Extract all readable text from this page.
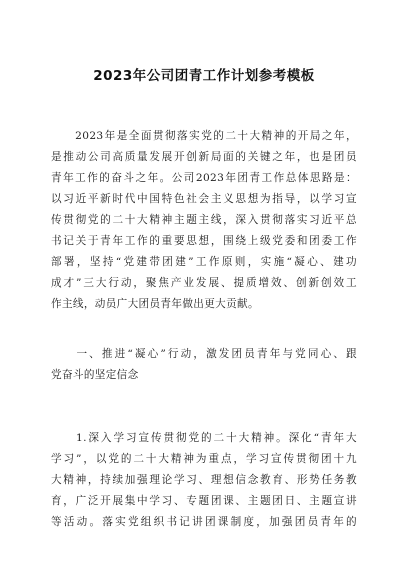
2023年公司团青工作计划参考模板
　　2023年是全面贯彻落实党的二十大精神的开局之年，
是推动公司高质量发展开创新局面的关键之年，也是团员
青年工作的奋斗之年。公司2023年团青工作总体思路是：
以习近平新时代中国特色社会主义思想为指导，以学习宣
传贯彻党的二十大精神主题主线，深入贯彻落实习近平总
书记关于青年工作的重要思想，围绕上级党委和团委工作
部署，坚持“党建带团建”工作原则，实施“凝心、建功
成才”三大行动，聚焦产业发展、提质增效、创新创效工
作主线，动员广大团员青年做出更大贡献。
　　一、推进“凝心”行动，激发团员青年与党同心、跟
党奋斗的坚定信念
　　1.深入学习宣传贯彻党的二十大精神。深化“青年大
学习”，以党的二十大精神为重点，学习宣传贯彻团十九
大精神，持续加强理论学习、理想信念教育、形势任务教
育，广泛开展集中学习、专题团课、主题团日、主题宣讲
等活动。落实党组织书记讲团课制度，加强团员青年的
